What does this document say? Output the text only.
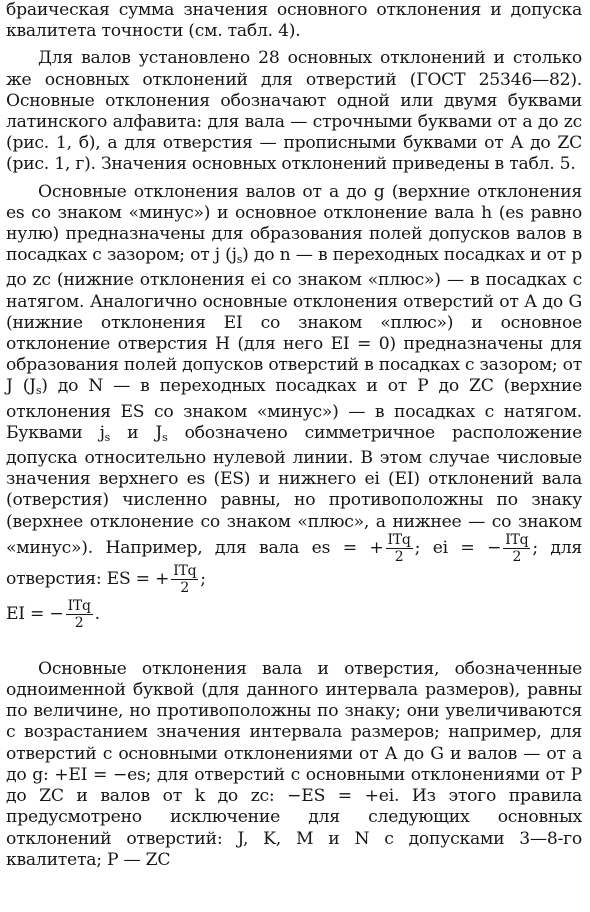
браическая сумма значения основного отклонения и допуска квалитета точности (см. табл. 4).

Для валов установлено 28 основных отклонений и столько же основных отклонений для отверстий (ГОСТ 25346—82). Основные отклонения обозначают одной или двумя буквами латинского алфавита: для вала — строчными буквами от а до zc (рис. 1, б), а для отверстия — прописными буквами от А до ZC (рис. 1, г). Значения основных отклонений приведены в табл. 5.

Основные отклонения валов от а до g (верхние отклонения es со знаком «минус») и основное отклонение вала h (es равно нулю) предназначены для образования полей допусков валов в посадках с зазором; от j $(j_s)$ до n — в переходных посадках и от p до zc (нижние отклонения ei со знаком «плюс») — в посадках с натягом. Аналогично основные отклонения отверстий от А до G (нижние отклонения EI со знаком «плюс») и основное отклонение отверстия Н (для него EI = 0) предназначены для образования полей допусков отверстий в посадках с зазором; от J $(J_s)$ до N — в переходных посадках и от Р до ZC (верхние отклонения ES со знаком «минус») — в посадках с натягом. Буквами $j_s$ и $J_s$ обозначено симметричное расположение допуска относительно нулевой линии. В этом случае числовые значения верхнего es (ES) и нижнего ei (EI) отклонений вала (отверстия) численно равны, но противоположны по знаку (верхнее отклонение со знаком «плюс», а нижнее — со знаком «минус»). Например, для вала es = + $\frac{\text{ITq}}{2}$ ; ei = − $\frac{\text{ITq}}{2}$ ; для отверстия: ES = + $\frac{\text{ITq}}{2}$ ;

EI = − $\frac{\text{ITq}}{2}$ .

Основные отклонения вала и отверстия, обозначенные одноименной буквой (для данного интервала размеров), равны по величине, но противоположны по знаку; они увеличиваются с возрастанием значения интервала размеров; например, для отверстий с основными отклонениями от А до G и валов — от а до g: +EI = −es; для отверстий с основными отклонениями от Р до ZC и валов от k до zc: −ES = +ei. Из этого правила предусмотрено исключение для следующих основных отклонений отверстий: J, K, М и N с допусками 3—8-го квалитета; Р — ZC
